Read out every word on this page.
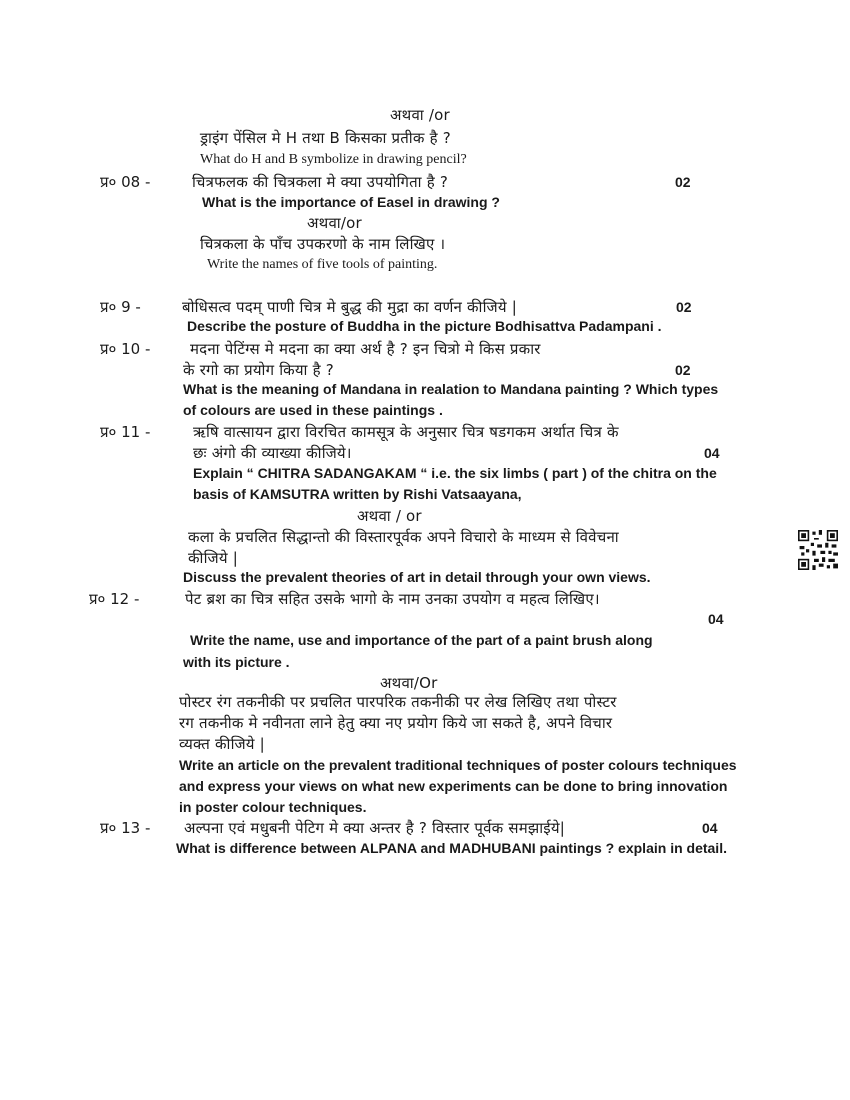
अथवा /or
ड्राइंग पेंसिल मे H तथा B किसका प्रतीक है ?
What do H and B symbolize in drawing pencil?
प्र० 08 -	चित्रफलक की चित्रकला मे क्या उपयोगिता है ?	02
What is the importance of Easel in drawing ?
अथवा/or
चित्रकला के पाँच उपकरणो के नाम लिखिए ।
Write the names of five tools of painting.
प्र० 9 -	बोधिसत्व पदम् पाणी चित्र मे बुद्ध की मुद्रा का वर्णन कीजिये |	02
Describe the posture of Buddha in the picture Bodhisattva Padampani .
प्र० 10 -	मदना पेटिंग्स मे मदना का क्या अर्थ है ? इन चित्रो मे किस प्रकार
के रगो का प्रयोग किया है ?	02
What is the meaning of Mandana in realation to Mandana painting ? Which types
of colours are used in these paintings .
प्र० 11 -	ऋषि वात्सायन द्वारा विरचित कामसूत्र के अनुसार चित्र षडगकम अर्थात चित्र के
छः अंगो की व्याख्या कीजिये।	04
Explain “ CHITRA SADANGAKAM “ i.e. the six limbs ( part ) of the chitra on the
basis of KAMSUTRA written by Rishi Vatsaayana,
अथवा / or
कला के प्रचलित सिद्धान्तो की विस्तारपूर्वक अपने विचारो के माध्यम से विवेचना
कीजिये |
Discuss the prevalent theories of art in detail through your own views.
प्र० 12 -	पेट ब्रश का चित्र सहित उसके भागो के नाम उनका उपयोग व महत्व लिखिए।
04
Write the name, use and importance of the part of a paint brush along
with its picture .
अथवा/Or
पोस्टर रंग तकनीकी पर प्रचलित पारपरिक तकनीकी पर लेख लिखिए तथा पोस्टर
रग तकनीक मे नवीनता लाने हेतु क्या नए प्रयोग किये जा सकते है, अपने विचार
व्यक्त कीजिये |
Write an article on the prevalent traditional techniques of poster colours techniques
and express your views on what new experiments can be done to bring innovation
in poster colour techniques.
प्र० 13 - अल्पना एवं मधुबनी पेटिग मे क्या अन्तर है ? विस्तार पूर्वक समझाईये|	04
What is difference between ALPANA and MADHUBANI paintings ? explain in detail.
